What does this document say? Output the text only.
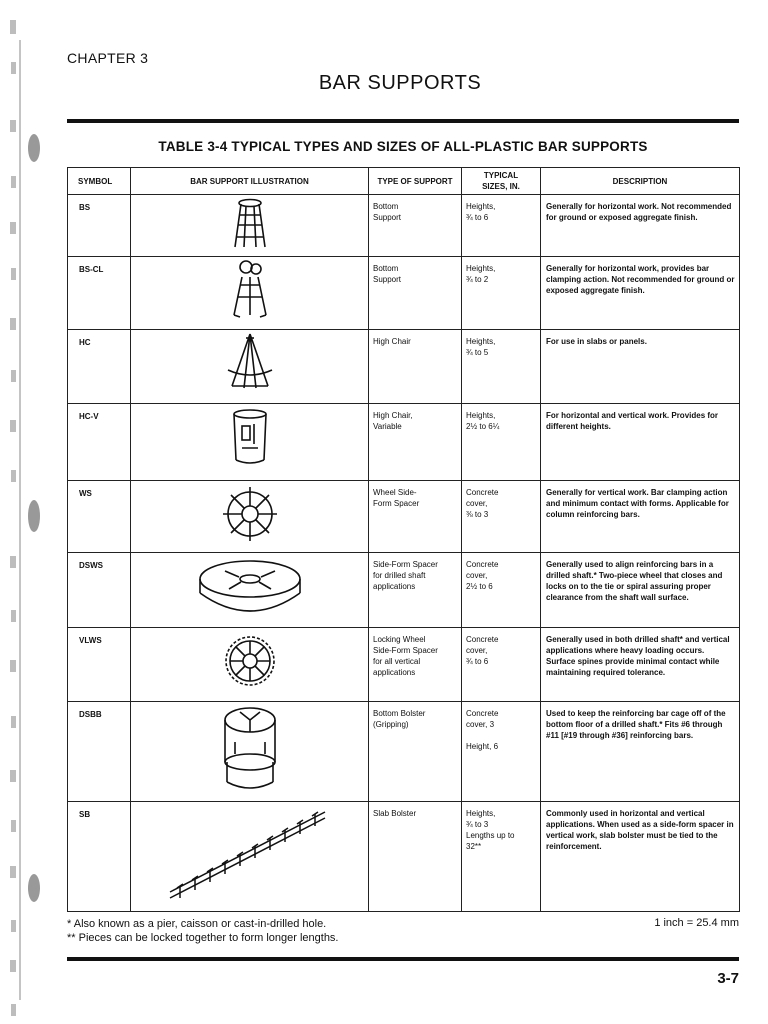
CHAPTER 3
BAR SUPPORTS
TABLE 3-4 TYPICAL TYPES AND SIZES OF ALL-PLASTIC BAR SUPPORTS
SYMBOL	BAR SUPPORT ILLUSTRATION	TYPE OF SUPPORT	TYPICAL SIZES, IN.	DESCRIPTION
BS		Bottom
Support	Heights,
¾ to 6	Generally for horizontal work. Not recommended for ground or exposed aggregate finish.
BS-CL		Bottom
Support	Heights,
¾ to 2	Generally for horizontal work, provides bar clamping action. Not recommended for ground or exposed aggregate finish.
HC		High Chair	Heights,
¾ to 5	For use in slabs or panels.
HC-V		High Chair,
Variable	Heights,
2½ to 6¼	For horizontal and vertical work. Provides for different heights.
WS		Wheel Side-
Form Spacer	Concrete
cover,
⅜ to 3	Generally for vertical work. Bar clamping action and minimum contact with forms. Applicable for column reinforcing bars.
DSWS		Side-Form Spacer
for drilled shaft
applications	Concrete
cover,
2½ to 6	Generally used to align reinforcing bars in a drilled shaft.* Two-piece wheel that closes and locks on to the tie or spiral assuring proper clearance from the shaft wall surface.
VLWS		Locking Wheel
Side-Form Spacer
for all vertical
applications	Concrete
cover,
¾ to 6	Generally used in both drilled shaft* and vertical applications where heavy loading occurs. Surface spines provide minimal contact while maintaining required tolerance.
DSBB		Bottom Bolster
(Gripping)	Concrete
cover, 3
Height, 6	Used to keep the reinforcing bar cage off of the bottom floor of a drilled shaft.* Fits #6 through #11 [#19 through #36] reinforcing bars.
SB		Slab Bolster	Heights,
¾ to 3
Lengths up to
32**	Commonly used in horizontal and vertical applications. When used as a side-form spacer in vertical work, slab bolster must be tied to the reinforcement.
* Also known as a pier, caisson or cast-in-drilled hole.
** Pieces can be locked together to form longer lengths.
1 inch = 25.4 mm
3-7
